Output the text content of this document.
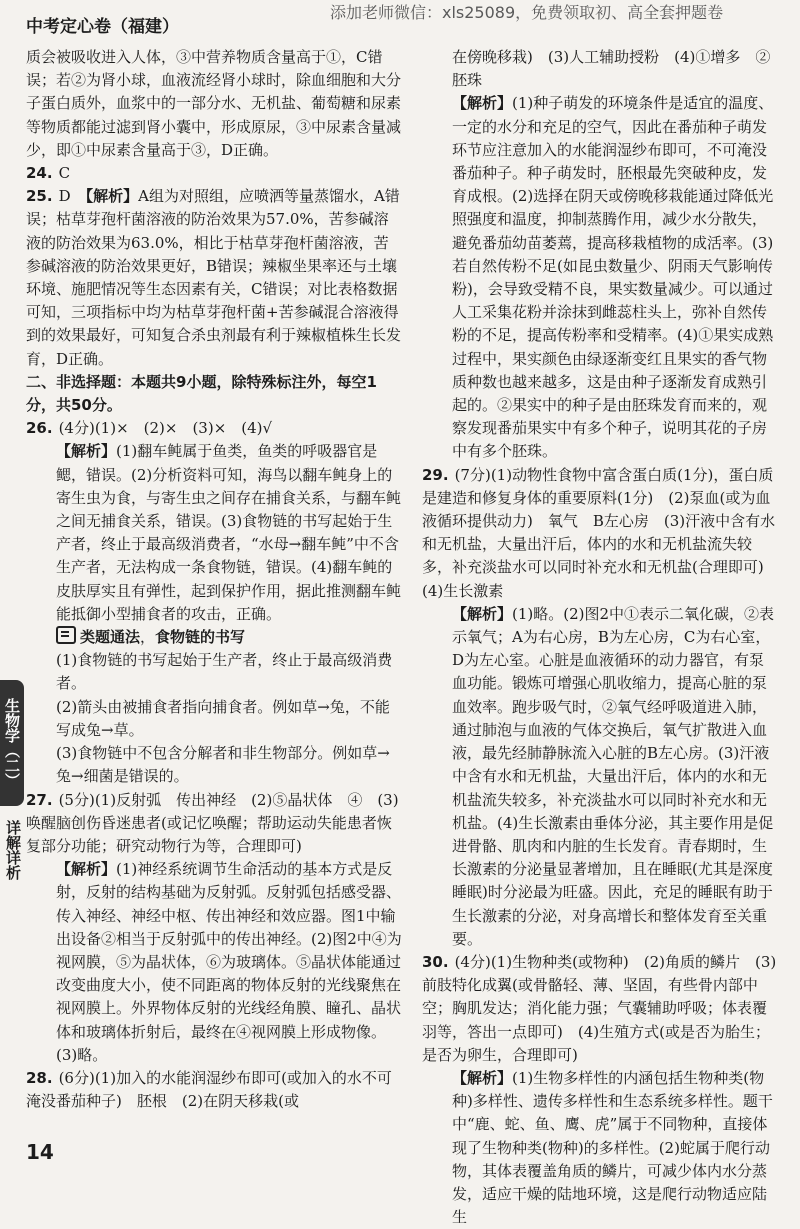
添加老师微信：xls25089，免费领取初、高全套押题卷
中考定心卷（福建）
质会被吸收进入人体，③中营养物质含量高于①，C错误；若②为肾小球，血液流经肾小球时，除血细胞和大分子蛋白质外，血浆中的一部分水、无机盐、葡萄糖和尿素等物质都能过滤到肾小囊中，形成原尿，③中尿素含量减少，即①中尿素含量高于③，D正确。
24. C
25. D　 【解析】A组为对照组，应喷洒等量蒸馏水，A错误；枯草芽孢杆菌溶液的防治效果为57.0%，苦参碱溶液的防治效果为63.0%，相比于枯草芽孢杆菌溶液，苦参碱溶液的防治效果更好，B错误；辣椒坐果率还与土壤环境、施肥情况等生态因素有关，C错误；对比表格数据可知，三项指标中均为枯草芽孢杆菌+苦参碱混合溶液得到的效果最好，可知复合杀虫剂最有利于辣椒植株生长发育，D正确。
二、非选择题：本题共9小题，除特殊标注外，每空1分，共50分。
26. (4分)(1)×　(2)×　(3)×　(4)√
【解析】(1)翻车鲀属于鱼类，鱼类的呼吸器官是鳃，错误。(2)分析资料可知，海鸟以翻车鲀身上的寄生虫为食，与寄生虫之间存在捕食关系，与翻车鲀之间无捕食关系，错误。(3)食物链的书写起始于生产者，终止于最高级消费者，“水母→翻车鲀”中不含生产者，无法构成一条食物链，错误。(4)翻车鲀的皮肤厚实且有弹性，起到保护作用，据此推测翻车鲀能抵御小型捕食者的攻击，正确。
类题通法，食物链的书写
(1)食物链的书写起始于生产者，终止于最高级消费者。
(2)箭头由被捕食者指向捕食者。例如草→兔，不能写成兔→草。
(3)食物链中不包含分解者和非生物部分。例如草→兔→细菌是错误的。
27. (5分)(1)反射弧　传出神经　(2)⑤晶状体　④　(3)唤醒脑创伤昏迷患者(或记忆唤醒；帮助运动失能患者恢复部分功能；研究动物行为等，合理即可)
【解析】(1)神经系统调节生命活动的基本方式是反射，反射的结构基础为反射弧。反射弧包括感受器、传入神经、神经中枢、传出神经和效应器。图1中输出设备②相当于反射弧中的传出神经。(2)图2中④为视网膜，⑤为晶状体，⑥为玻璃体。⑤晶状体能通过改变曲度大小，使不同距离的物体反射的光线聚焦在视网膜上。外界物体反射的光线经角膜、瞳孔、晶状体和玻璃体折射后，最终在④视网膜上形成物像。(3)略。
28. (6分)(1)加入的水能润湿纱布即可(或加入的水不可淹没番茄种子)　胚根　(2)在阴天移栽(或
在傍晚移栽)　(3)人工辅助授粉　(4)①增多　②胚珠
【解析】(1)种子萌发的环境条件是适宜的温度、一定的水分和充足的空气，因此在番茄种子萌发环节应注意加入的水能润湿纱布即可，不可淹没番茄种子。种子萌发时，胚根最先突破种皮，发育成根。(2)选择在阴天或傍晚移栽能通过降低光照强度和温度，抑制蒸腾作用，减少水分散失，避免番茄幼苗萎蔫，提高移栽植物的成活率。(3)若自然传粉不足(如昆虫数量少、阴雨天气影响传粉)，会导致受精不良，果实数量减少。可以通过人工采集花粉并涂抹到雌蕊柱头上，弥补自然传粉的不足，提高传粉率和受精率。(4)①果实成熟过程中，果实颜色由绿逐渐变红且果实的香气物质种数也越来越多，这是由种子逐渐发育成熟引起的。②果实中的种子是由胚珠发育而来的，观察发现番茄果实中有多个种子，说明其花的子房中有多个胚珠。
29. (7分)(1)动物性食物中富含蛋白质(1分)，蛋白质是建造和修复身体的重要原料(1分)　(2)泵血(或为血液循环提供动力)　氧气　B左心房　(3)汗液中含有水和无机盐，大量出汗后，体内的水和无机盐流失较多，补充淡盐水可以同时补充水和无机盐(合理即可)　(4)生长激素
【解析】(1)略。(2)图2中①表示二氧化碳，②表示氧气；A为右心房，B为左心房，C为右心室，D为左心室。心脏是血液循环的动力器官，有泵血功能。锻炼可增强心肌收缩力，提高心脏的泵血效率。跑步吸气时，②氧气经呼吸道进入肺，通过肺泡与血液的气体交换后，氧气扩散进入血液，最先经肺静脉流入心脏的B左心房。(3)汗液中含有水和无机盐，大量出汗后，体内的水和无机盐流失较多，补充淡盐水可以同时补充水和无机盐。(4)生长激素由垂体分泌，其主要作用是促进骨骼、肌肉和内脏的生长发育。青春期时，生长激素的分泌量显著增加，且在睡眠(尤其是深度睡眠)时分泌最为旺盛。因此，充足的睡眠有助于生长激素的分泌，对身高增长和整体发育至关重要。
30. (4分)(1)生物种类(或物种)　(2)角质的鳞片　(3)前肢特化成翼(或骨骼轻、薄、坚固，有些骨内部中空；胸肌发达；消化能力强；气囊辅助呼吸；体表覆羽等，答出一点即可)　(4)生殖方式(或是否为胎生；是否为卵生，合理即可)
【解析】(1)生物多样性的内涵包括生物种类(物种)多样性、遗传多样性和生态系统多样性。题干中“鹿、蛇、鱼、鹰、虎”属于不同物种，直接体现了生物种类(物种)的多样性。(2)蛇属于爬行动物，其体表覆盖角质的鳞片，可减少体内水分蒸发，适应干燥的陆地环境，这是爬行动物适应陆生
生物学（二）
详解详析
14
